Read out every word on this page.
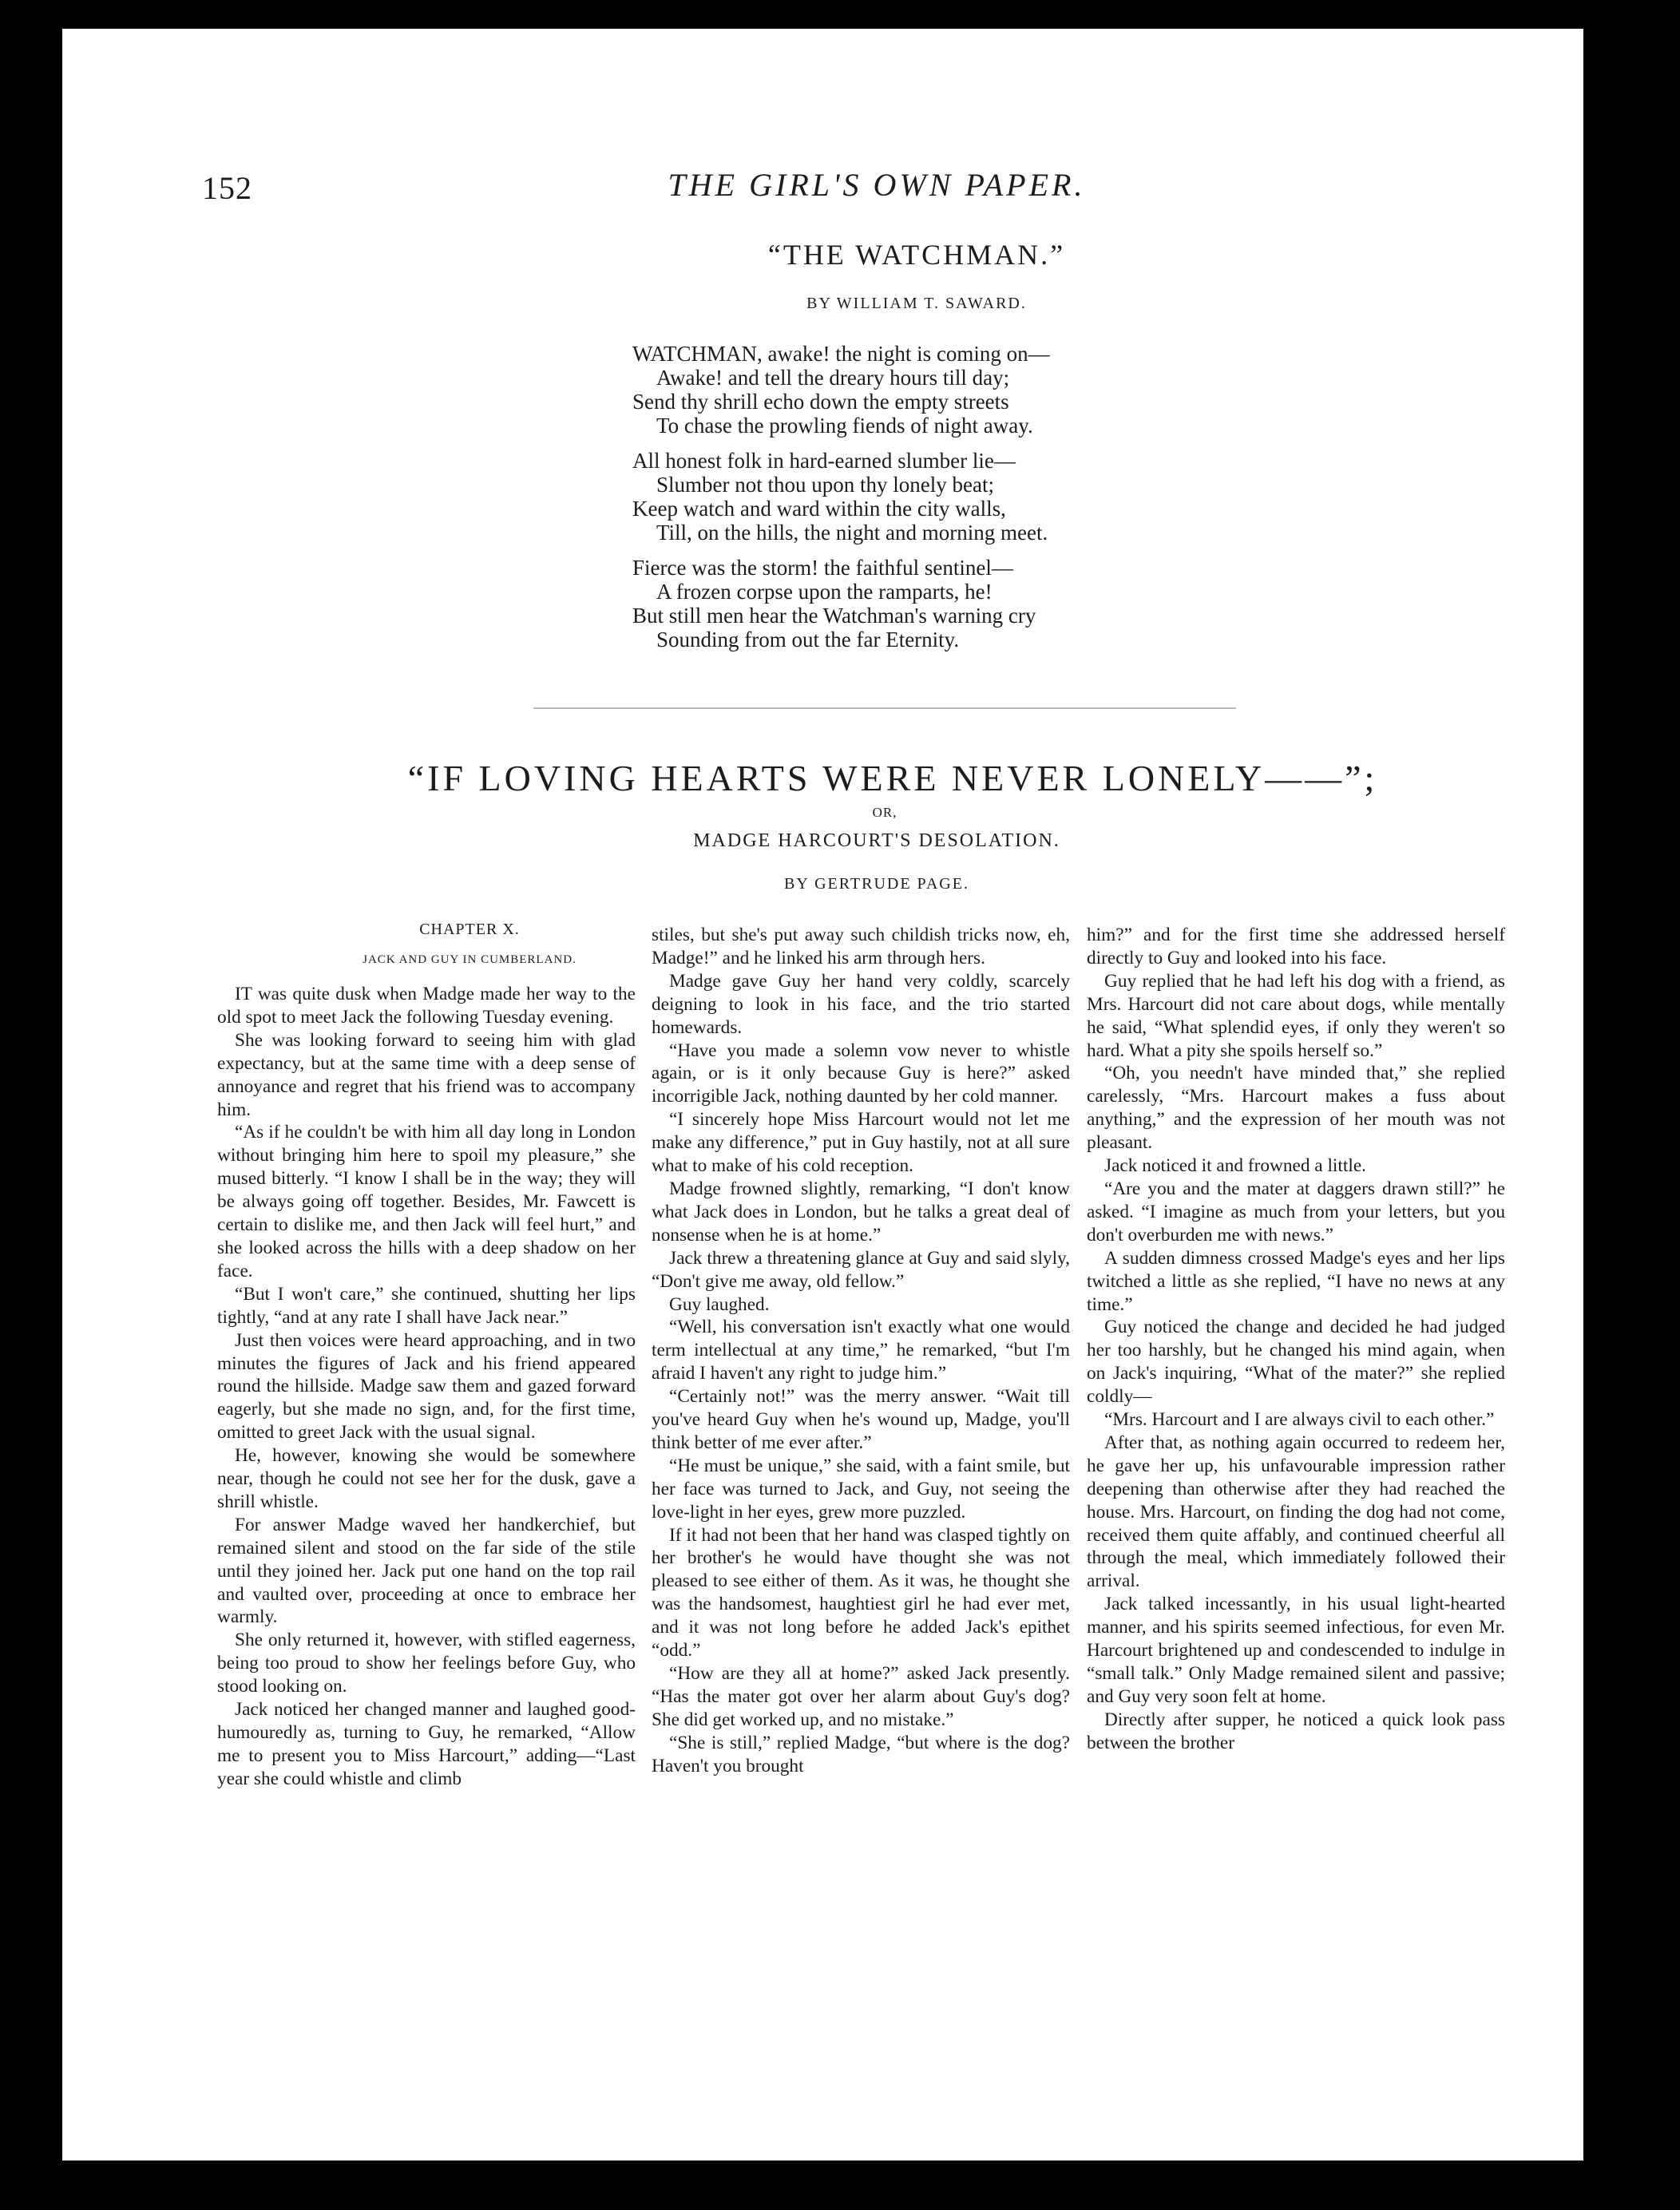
152	THE GIRL'S OWN PAPER.
“THE WATCHMAN.”
BY WILLIAM T. SAWARD.
WATCHMAN, awake! the night is coming on—
Awake! and tell the dreary hours till day;
Send thy shrill echo down the empty streets
To chase the prowling fiends of night away.
All honest folk in hard-earned slumber lie—
Slumber not thou upon thy lonely beat;
Keep watch and ward within the city walls,
Till, on the hills, the night and morning meet.
Fierce was the storm! the faithful sentinel—
A frozen corpse upon the ramparts, he!
But still men hear the Watchman's warning cry
Sounding from out the far Eternity.
“IF LOVING HEARTS WERE NEVER LONELY——”;
OR,
MADGE HARCOURT'S DESOLATION.
BY GERTRUDE PAGE.
CHAPTER X.
JACK AND GUY IN CUMBERLAND.

IT was quite dusk when Madge made her way to the old spot to meet Jack the following Tuesday evening.

She was looking forward to seeing him with glad expectancy, but at the same time with a deep sense of annoyance and regret that his friend was to accompany him.

“As if he couldn't be with him all day long in London without bringing him here to spoil my pleasure,” she mused bitterly. “I know I shall be in the way; they will be always going off together. Besides, Mr. Fawcett is certain to dislike me, and then Jack will feel hurt,” and she looked across the hills with a deep shadow on her face.

“But I won't care,” she continued, shutting her lips tightly, “and at any rate I shall have Jack near.”

Just then voices were heard approaching, and in two minutes the figures of Jack and his friend appeared round the hillside. Madge saw them and gazed forward eagerly, but she made no sign, and, for the first time, omitted to greet Jack with the usual signal.

He, however, knowing she would be somewhere near, though he could not see her for the dusk, gave a shrill whistle.

For answer Madge waved her handkerchief, but remained silent and stood on the far side of the stile until they joined her. Jack put one hand on the top rail and vaulted over, proceeding at once to embrace her warmly.

She only returned it, however, with stifled eagerness, being too proud to show her feelings before Guy, who stood looking on.

Jack noticed her changed manner and laughed good-humouredly as, turning to Guy, he remarked, “Allow me to present you to Miss Harcourt,” adding—“Last year she could whistle and climb

stiles, but she's put away such childish tricks now, eh, Madge!” and he linked his arm through hers.

Madge gave Guy her hand very coldly, scarcely deigning to look in his face, and the trio started homewards.

“Have you made a solemn vow never to whistle again, or is it only because Guy is here?” asked incorrigible Jack, nothing daunted by her cold manner.

“I sincerely hope Miss Harcourt would not let me make any difference,” put in Guy hastily, not at all sure what to make of his cold reception.

Madge frowned slightly, remarking, “I don't know what Jack does in London, but he talks a great deal of nonsense when he is at home.”

Jack threw a threatening glance at Guy and said slyly, “Don't give me away, old fellow.”

Guy laughed.

“Well, his conversation isn't exactly what one would term intellectual at any time,” he remarked, “but I'm afraid I haven't any right to judge him.”

“Certainly not!” was the merry answer. “Wait till you've heard Guy when he's wound up, Madge, you'll think better of me ever after.”

“He must be unique,” she said, with a faint smile, but her face was turned to Jack, and Guy, not seeing the love-light in her eyes, grew more puzzled.

If it had not been that her hand was clasped tightly on her brother's he would have thought she was not pleased to see either of them. As it was, he thought she was the handsomest, haughtiest girl he had ever met, and it was not long before he added Jack's epithet “odd.”

“How are they all at home?” asked Jack presently. “Has the mater got over her alarm about Guy's dog? She did get worked up, and no mistake.”

“She is still,” replied Madge, “but where is the dog? Haven't you brought

him?” and for the first time she addressed herself directly to Guy and looked into his face.

Guy replied that he had left his dog with a friend, as Mrs. Harcourt did not care about dogs, while mentally he said, “What splendid eyes, if only they weren't so hard. What a pity she spoils herself so.”

“Oh, you needn't have minded that,” she replied carelessly, “Mrs. Harcourt makes a fuss about anything,” and the expression of her mouth was not pleasant.

Jack noticed it and frowned a little.

“Are you and the mater at daggers drawn still?” he asked. “I imagine as much from your letters, but you don't overburden me with news.”

A sudden dimness crossed Madge's eyes and her lips twitched a little as she replied, “I have no news at any time.”

Guy noticed the change and decided he had judged her too harshly, but he changed his mind again, when on Jack's inquiring, “What of the mater?” she replied coldly—

“Mrs. Harcourt and I are always civil to each other.”

After that, as nothing again occurred to redeem her, he gave her up, his unfavourable impression rather deepening than otherwise after they had reached the house. Mrs. Harcourt, on finding the dog had not come, received them quite affably, and continued cheerful all through the meal, which immediately followed their arrival.

Jack talked incessantly, in his usual light-hearted manner, and his spirits seemed infectious, for even Mr. Harcourt brightened up and condescended to indulge in “small talk.” Only Madge remained silent and passive; and Guy very soon felt at home.

Directly after supper, he noticed a quick look pass between the brother
